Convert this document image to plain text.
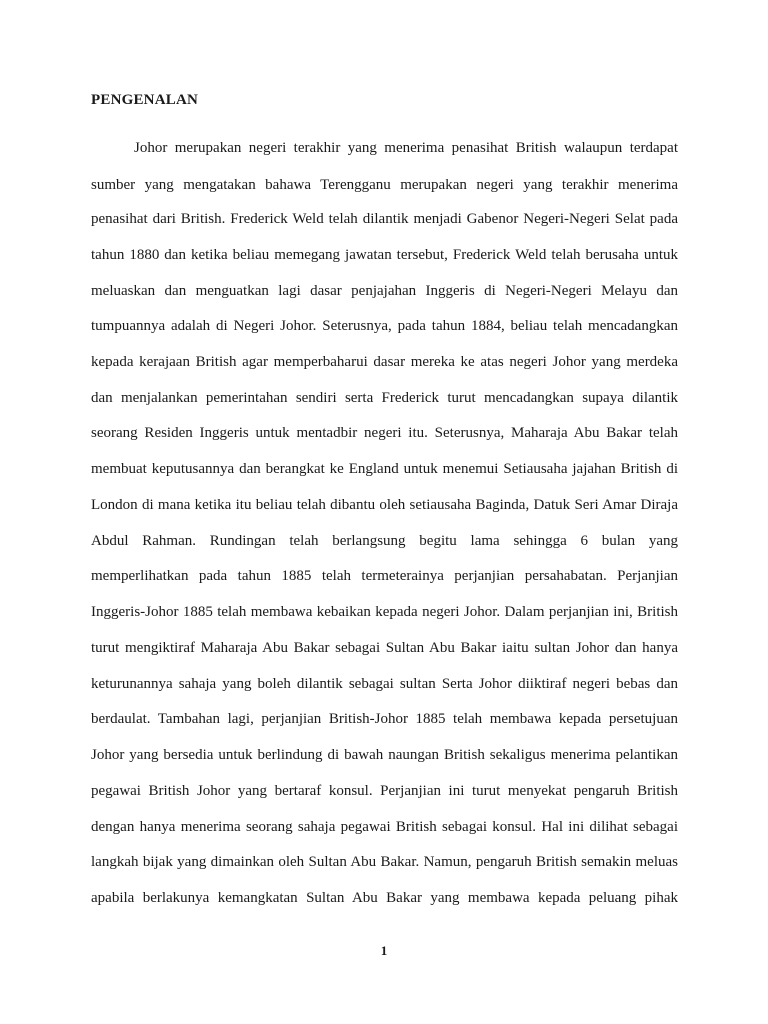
PENGENALAN
Johor merupakan negeri terakhir yang menerima penasihat British walaupun terdapat
sumber yang mengatakan bahawa Terengganu merupakan negeri yang terakhir menerima
penasihat dari British. Frederick Weld telah dilantik menjadi Gabenor Negeri-Negeri Selat pada
tahun 1880 dan ketika beliau memegang jawatan tersebut, Frederick Weld telah berusaha untuk
meluaskan dan menguatkan lagi dasar penjajahan Inggeris di Negeri-Negeri Melayu dan
tumpuannya adalah di Negeri Johor. Seterusnya, pada tahun 1884, beliau telah mencadangkan
kepada kerajaan British agar memperbaharui dasar mereka ke atas negeri Johor yang merdeka
dan menjalankan pemerintahan sendiri serta Frederick turut mencadangkan supaya dilantik
seorang Residen Inggeris untuk mentadbir negeri itu. Seterusnya, Maharaja Abu Bakar telah
membuat keputusannya dan berangkat ke England untuk menemui Setiausaha jajahan British di
London di mana ketika itu beliau telah dibantu oleh setiausaha Baginda, Datuk Seri Amar Diraja
Abdul Rahman. Rundingan telah berlangsung begitu lama sehingga 6 bulan yang
memperlihatkan pada tahun 1885 telah termeterainya perjanjian persahabatan. Perjanjian
Inggeris-Johor 1885 telah membawa kebaikan kepada negeri Johor. Dalam perjanjian ini, British
turut mengiktiraf Maharaja Abu Bakar sebagai Sultan Abu Bakar iaitu sultan Johor dan hanya
keturunannya sahaja yang boleh dilantik sebagai sultan Serta Johor diiktiraf negeri bebas dan
berdaulat. Tambahan lagi, perjanjian British-Johor 1885 telah membawa kepada persetujuan
Johor yang bersedia untuk berlindung di bawah naungan British sekaligus menerima pelantikan
pegawai British Johor yang bertaraf konsul. Perjanjian ini turut menyekat pengaruh British
dengan hanya menerima seorang sahaja pegawai British sebagai konsul. Hal ini dilihat sebagai
langkah bijak yang dimainkan oleh Sultan Abu Bakar. Namun, pengaruh British semakin meluas
apabila berlakunya kemangkatan Sultan Abu Bakar yang membawa kepada peluang pihak
1
